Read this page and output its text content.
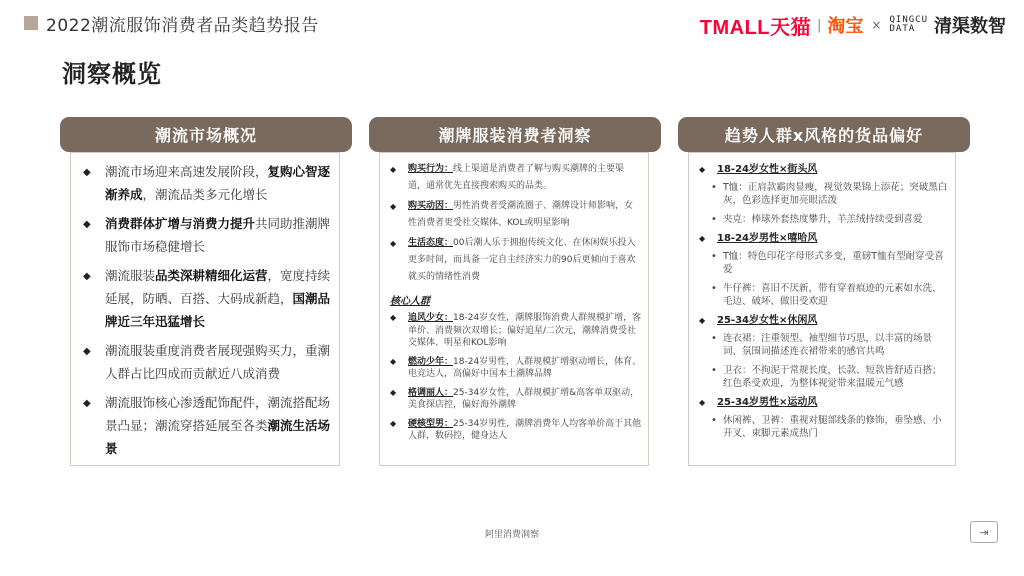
2022潮流服饰消费者品类趋势报告	TMALL天猫 | 淘宝 × QINGCU
DATA	清渠数智
洞察概览
潮流市场概况
◆ 潮流市场迎来高速发展阶段，复购心智逐渐养成，潮流品类多元化增长
◆ 消费群体扩增与消费力提升共同助推潮牌服饰市场稳健增长
◆ 潮流服装品类深耕精细化运营，宽度持续延展，防晒、百搭、大码成新趋，国潮品牌近三年迅猛增长
◆ 潮流服装重度消费者展现强购买力，重潮人群占比四成而贡献近八成消费
◆ 潮流服饰核心渗透配饰配件，潮流搭配场景凸显；潮流穿搭延展至各类潮流生活场景
潮牌服装消费者洞察
◆ 购买行为：线上渠道是消费者了解与购买潮牌的主要渠道，通常优先直接搜索购买的品类。
◆ 购买动因：男性消费者受潮流圈子、潮牌设计师影响，女性消费者更受社交媒体、KOL或明星影响
◆ 生活态度：00后潮人乐于拥抱传统文化、在休闲娱乐投入更多时间，而具备一定自主经济实力的90后更倾向于喜欢就买的情绪性消费
核心人群
◆ 追风少女：18-24岁女性，潮牌服饰消费人群规模扩增，客单价、消费频次双增长；偏好追星/二次元，潮牌消费受社交媒体、明星和KOL影响
◆ 燃动少年：18-24岁男性，人群规模扩增驱动增长，体育、电竞达人，高偏好中国本土潮牌品牌
◆ 格调丽人：25-34岁女性，人群规模扩增&高客单双驱动，美食探店控，偏好海外潮牌
◆ 硬核型男：25-34岁男性，潮牌消费年人均客单价高于其他人群，数码控，健身达人
趋势人群x风格的货品偏好
◆ 18-24岁女性×街头风
• T恤：正肩款霸肉显瘦，视觉效果锦上添花；突破黑白灰，色彩选择更加亮眼活泼
• 夹克：棒球外套热度攀升，羊羔绒持续受到喜爱
◆ 18-24岁男性×嘻哈风
• T恤：特色印花字母形式多变，重磅T恤有型耐穿受喜爱
• 牛仔裤：喜旧不厌新，带有穿着痕迹的元素如水洗、毛边、破坏、做旧受欢迎
◆ 25-34岁女性×休闲风
• 连衣裙：注重领型、袖型细节巧思，以丰富的场景词、氛围词描述连衣裙带来的感官共鸣
• 卫衣：不拘泥于常规长度，长款、短款皆舒适百搭；红色系受欢迎，为整体视觉带来温暖元气感
◆ 25-34岁男性×运动风
• 休闲裤、卫裤：重视对腿部线条的修饰，垂坠感、小开叉、束脚元素成热门
阿里消费洞察	⇥
